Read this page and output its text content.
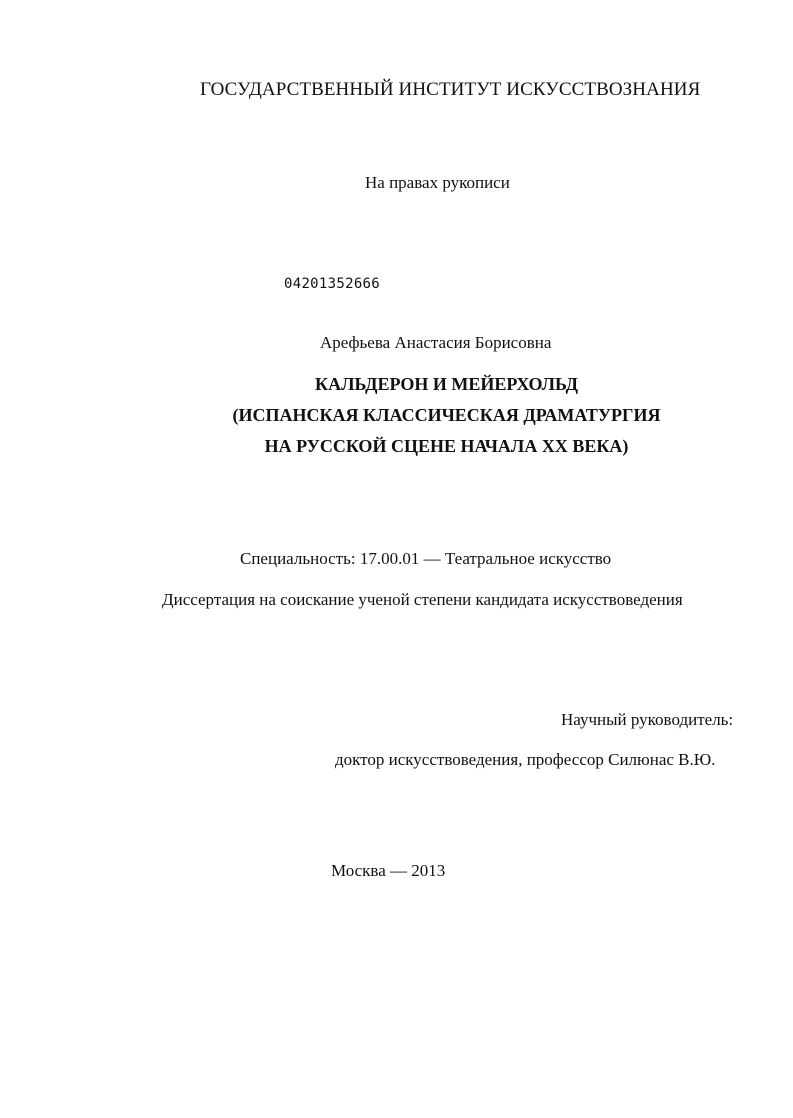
ГОСУДАРСТВЕННЫЙ ИНСТИТУТ ИСКУССТВОЗНАНИЯ
На правах рукописи
04201352666
Арефьева Анастасия Борисовна
КАЛЬДЕРОН И МЕЙЕРХОЛЬД
(ИСПАНСКАЯ КЛАССИЧЕСКАЯ ДРАМАТУРГИЯ
НА РУССКОЙ СЦЕНЕ НАЧАЛА XX ВЕКА)
Специальность: 17.00.01 — Театральное искусство
Диссертация на соискание ученой степени кандидата искусствоведения
Научный руководитель:
доктор искусствоведения, профессор Силюнас В.Ю.
Москва — 2013
